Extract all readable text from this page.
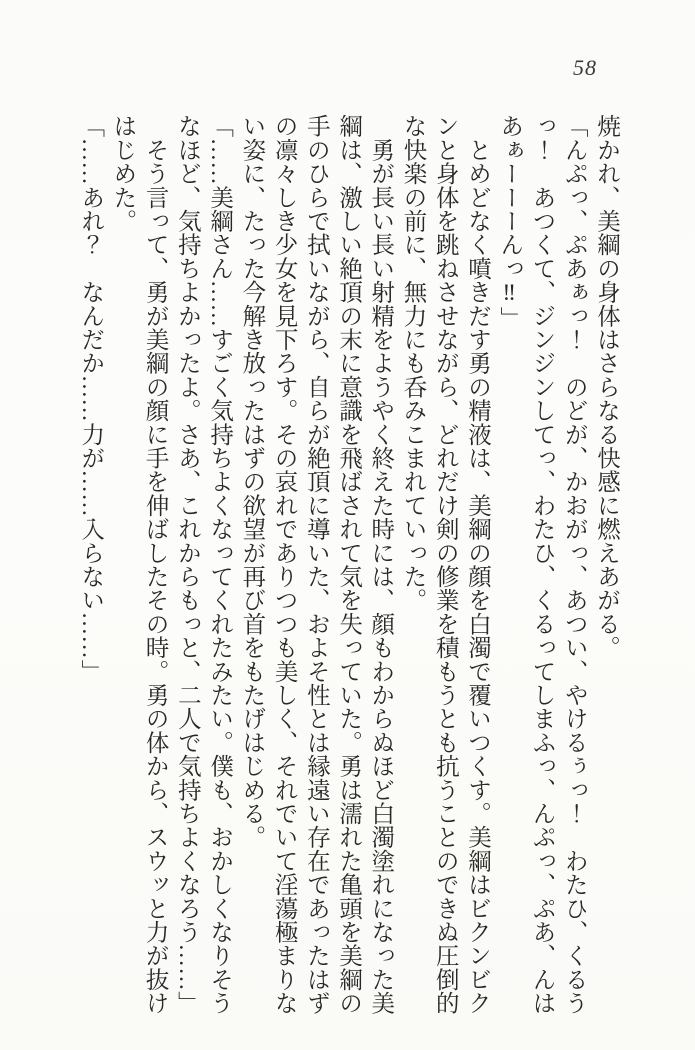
58
焼かれ、美綱の身体はさらなる快感に燃えあがる。
「んぷっ、ぷあぁっ！　のどが、かおがっ、あつい、やけるぅっ！　わたひ、くるう
っ！　あつくて、ジンジンしてっ、わたひ、くるってしまふっ、んぷっ、ぷあ、んは
あぁーーーんっ‼」
　とめどなく噴きだす勇の精液は、美綱の顔を白濁で覆いつくす。美綱はビクンビク
ンと身体を跳ねさせながら、どれだけ剣の修業を積もうとも抗うことのできぬ圧倒的
な快楽の前に、無力にも呑みこまれていった。
　勇が長い長い射精をようやく終えた時には、顔もわからぬほど白濁塗れになった美
綱は、激しい絶頂の末に意識を飛ばされて気を失っていた。勇は濡れた亀頭を美綱の
手のひらで拭いながら、自らが絶頂に導いた、およそ性とは縁遠い存在であったはず
の凛々しき少女を見下ろす。その哀れでありつつも美しく、それでいて淫蕩極まりな
い姿に、たった今解き放ったはずの欲望が再び首をもたげはじめる。
「……美綱さん……すごく気持ちよくなってくれたみたい。僕も、おかしくなりそう
なほど、気持ちよかったよ。さあ、これからもっと、二人で気持ちよくなろう……」
　そう言って、勇が美綱の顔に手を伸ばしたその時。勇の体から、スウッと力が抜け
はじめた。
「……あれ？　なんだか……力が……入らない……」
